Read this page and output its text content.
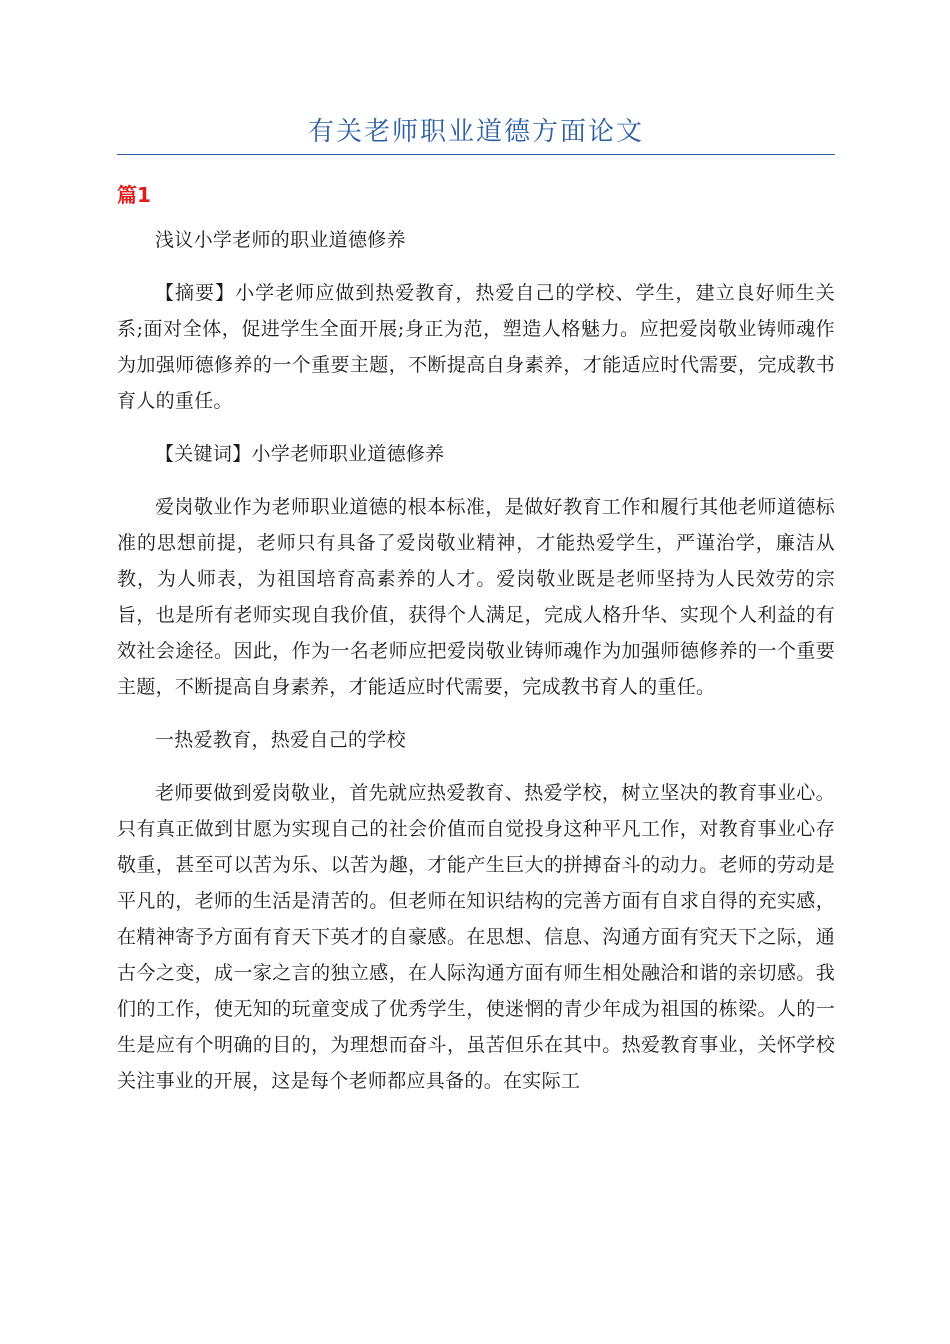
有关老师职业道德方面论文
篇1

浅议小学老师的职业道德修养

【摘要】小学老师应做到热爱教育，热爱自己的学校、学生，建立良好师生关系;面对全体，促进学生全面开展;身正为范，塑造人格魅力。应把爱岗敬业铸师魂作为加强师德修养的一个重要主题，不断提高自身素养，才能适应时代需要，完成教书育人的重任。

【关键词】小学老师职业道德修养

爱岗敬业作为老师职业道德的根本标准，是做好教育工作和履行其他老师道德标准的思想前提，老师只有具备了爱岗敬业精神，才能热爱学生，严谨治学，廉洁从教，为人师表，为祖国培育高素养的人才。爱岗敬业既是老师坚持为人民效劳的宗旨，也是所有老师实现自我价值，获得个人满足，完成人格升华、实现个人利益的有效社会途径。因此，作为一名老师应把爱岗敬业铸师魂作为加强师德修养的一个重要主题，不断提高自身素养，才能适应时代需要，完成教书育人的重任。

一热爱教育，热爱自己的学校

老师要做到爱岗敬业，首先就应热爱教育、热爱学校，树立坚决的教育事业心。只有真正做到甘愿为实现自己的社会价值而自觉投身这种平凡工作，对教育事业心存敬重，甚至可以苦为乐、以苦为趣，才能产生巨大的拼搏奋斗的动力。老师的劳动是平凡的，老师的生活是清苦的。但老师在知识结构的完善方面有自求自得的充实感，在精神寄予方面有育天下英才的自豪感。在思想、信息、沟通方面有究天下之际，通古今之变，成一家之言的独立感，在人际沟通方面有师生相处融洽和谐的亲切感。我们的工作，使无知的玩童变成了优秀学生，使迷惘的青少年成为祖国的栋梁。人的一生是应有个明确的目的，为理想而奋斗，虽苦但乐在其中。热爱教育事业，关怀学校关注事业的开展，这是每个老师都应具备的。在实际工
